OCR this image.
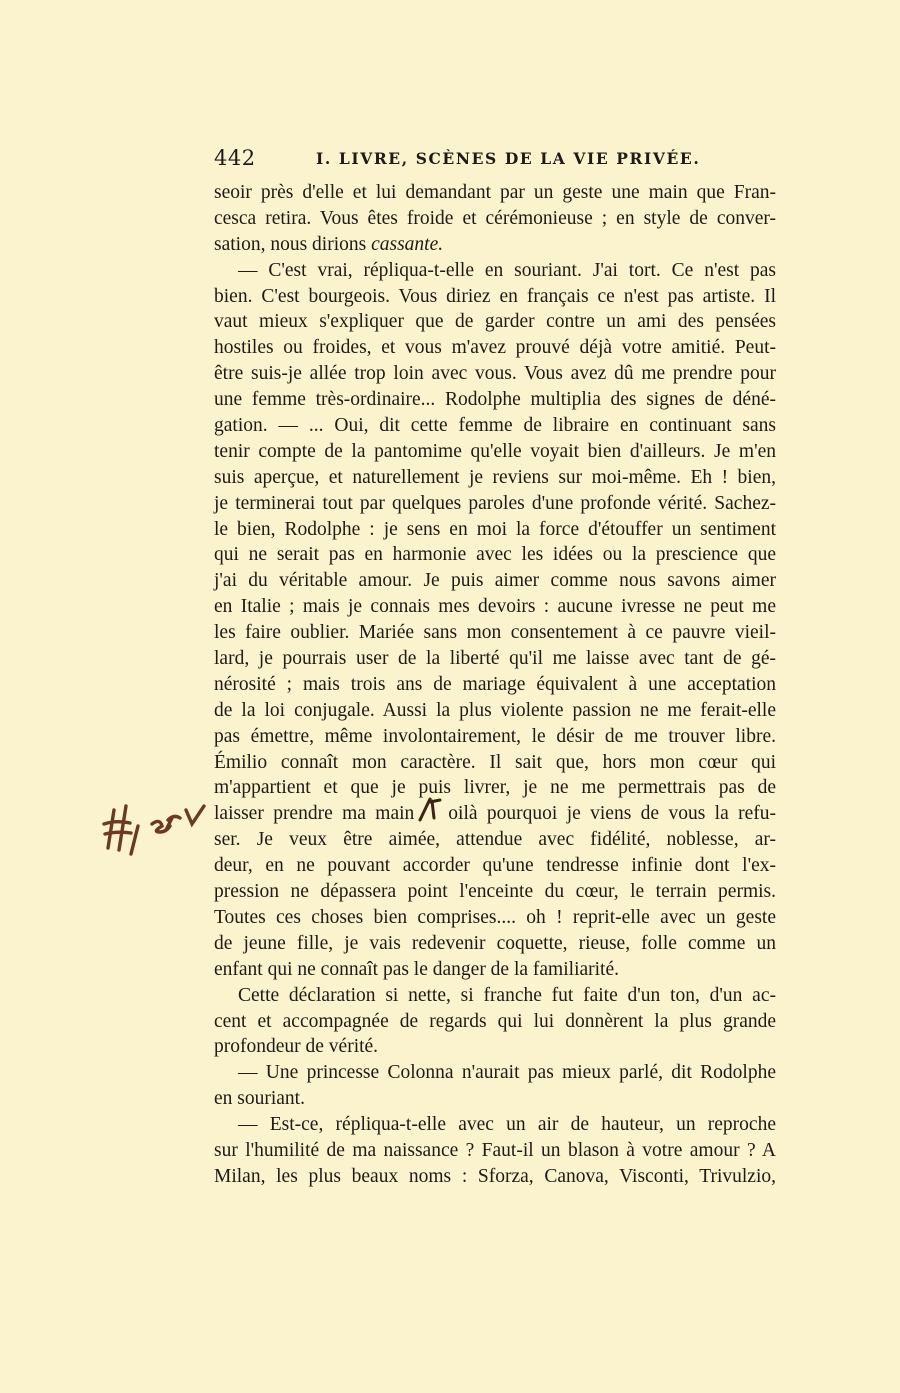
442	I. LIVRE, SCÈNES DE LA VIE PRIVÉE.
seoir près d'elle et lui demandant par un geste une main que Fran-
cesca retira. Vous êtes froide et cérémonieuse ; en style de conver-
sation, nous dirions cassante.
— C'est vrai, répliqua-t-elle en souriant. J'ai tort. Ce n'est pas
bien. C'est bourgeois. Vous diriez en français ce n'est pas artiste. Il
vaut mieux s'expliquer que de garder contre un ami des pensées
hostiles ou froides, et vous m'avez prouvé déjà votre amitié. Peut-
être suis-je allée trop loin avec vous. Vous avez dû me prendre pour
une femme très-ordinaire... Rodolphe multiplia des signes de déné-
gation. — ... Oui, dit cette femme de libraire en continuant sans
tenir compte de la pantomime qu'elle voyait bien d'ailleurs. Je m'en
suis aperçue, et naturellement je reviens sur moi-même. Eh ! bien,
je terminerai tout par quelques paroles d'une profonde vérité. Sachez-
le bien, Rodolphe : je sens en moi la force d'étouffer un sentiment
qui ne serait pas en harmonie avec les idées ou la prescience que
j'ai du véritable amour. Je puis aimer comme nous savons aimer
en Italie ; mais je connais mes devoirs : aucune ivresse ne peut me
les faire oublier. Mariée sans mon consentement à ce pauvre vieil-
lard, je pourrais user de la liberté qu'il me laisse avec tant de gé-
nérosité ; mais trois ans de mariage équivalent à une acceptation
de la loi conjugale. Aussi la plus violente passion ne me ferait-elle
pas émettre, même involontairement, le désir de me trouver libre.
Émilio connaît mon caractère. Il sait que, hors mon cœur qui
m'appartient et que je puis livrer, je ne me permettrais pas de
laisser prendre ma main oilà pourquoi je viens de vous la refu-
ser. Je veux être aimée, attendue avec fidélité, noblesse, ar-
deur, en ne pouvant accorder qu'une tendresse infinie dont l'ex-
pression ne dépassera point l'enceinte du cœur, le terrain permis.
Toutes ces choses bien comprises.... oh ! reprit-elle avec un geste
de jeune fille, je vais redevenir coquette, rieuse, folle comme un
enfant qui ne connaît pas le danger de la familiarité.
Cette déclaration si nette, si franche fut faite d'un ton, d'un ac-
cent et accompagnée de regards qui lui donnèrent la plus grande
profondeur de vérité.
— Une princesse Colonna n'aurait pas mieux parlé, dit Rodolphe
en souriant.
— Est-ce, répliqua-t-elle avec un air de hauteur, un reproche
sur l'humilité de ma naissance ? Faut-il un blason à votre amour ? A
Milan, les plus beaux noms : Sforza, Canova, Visconti, Trivulzio,
